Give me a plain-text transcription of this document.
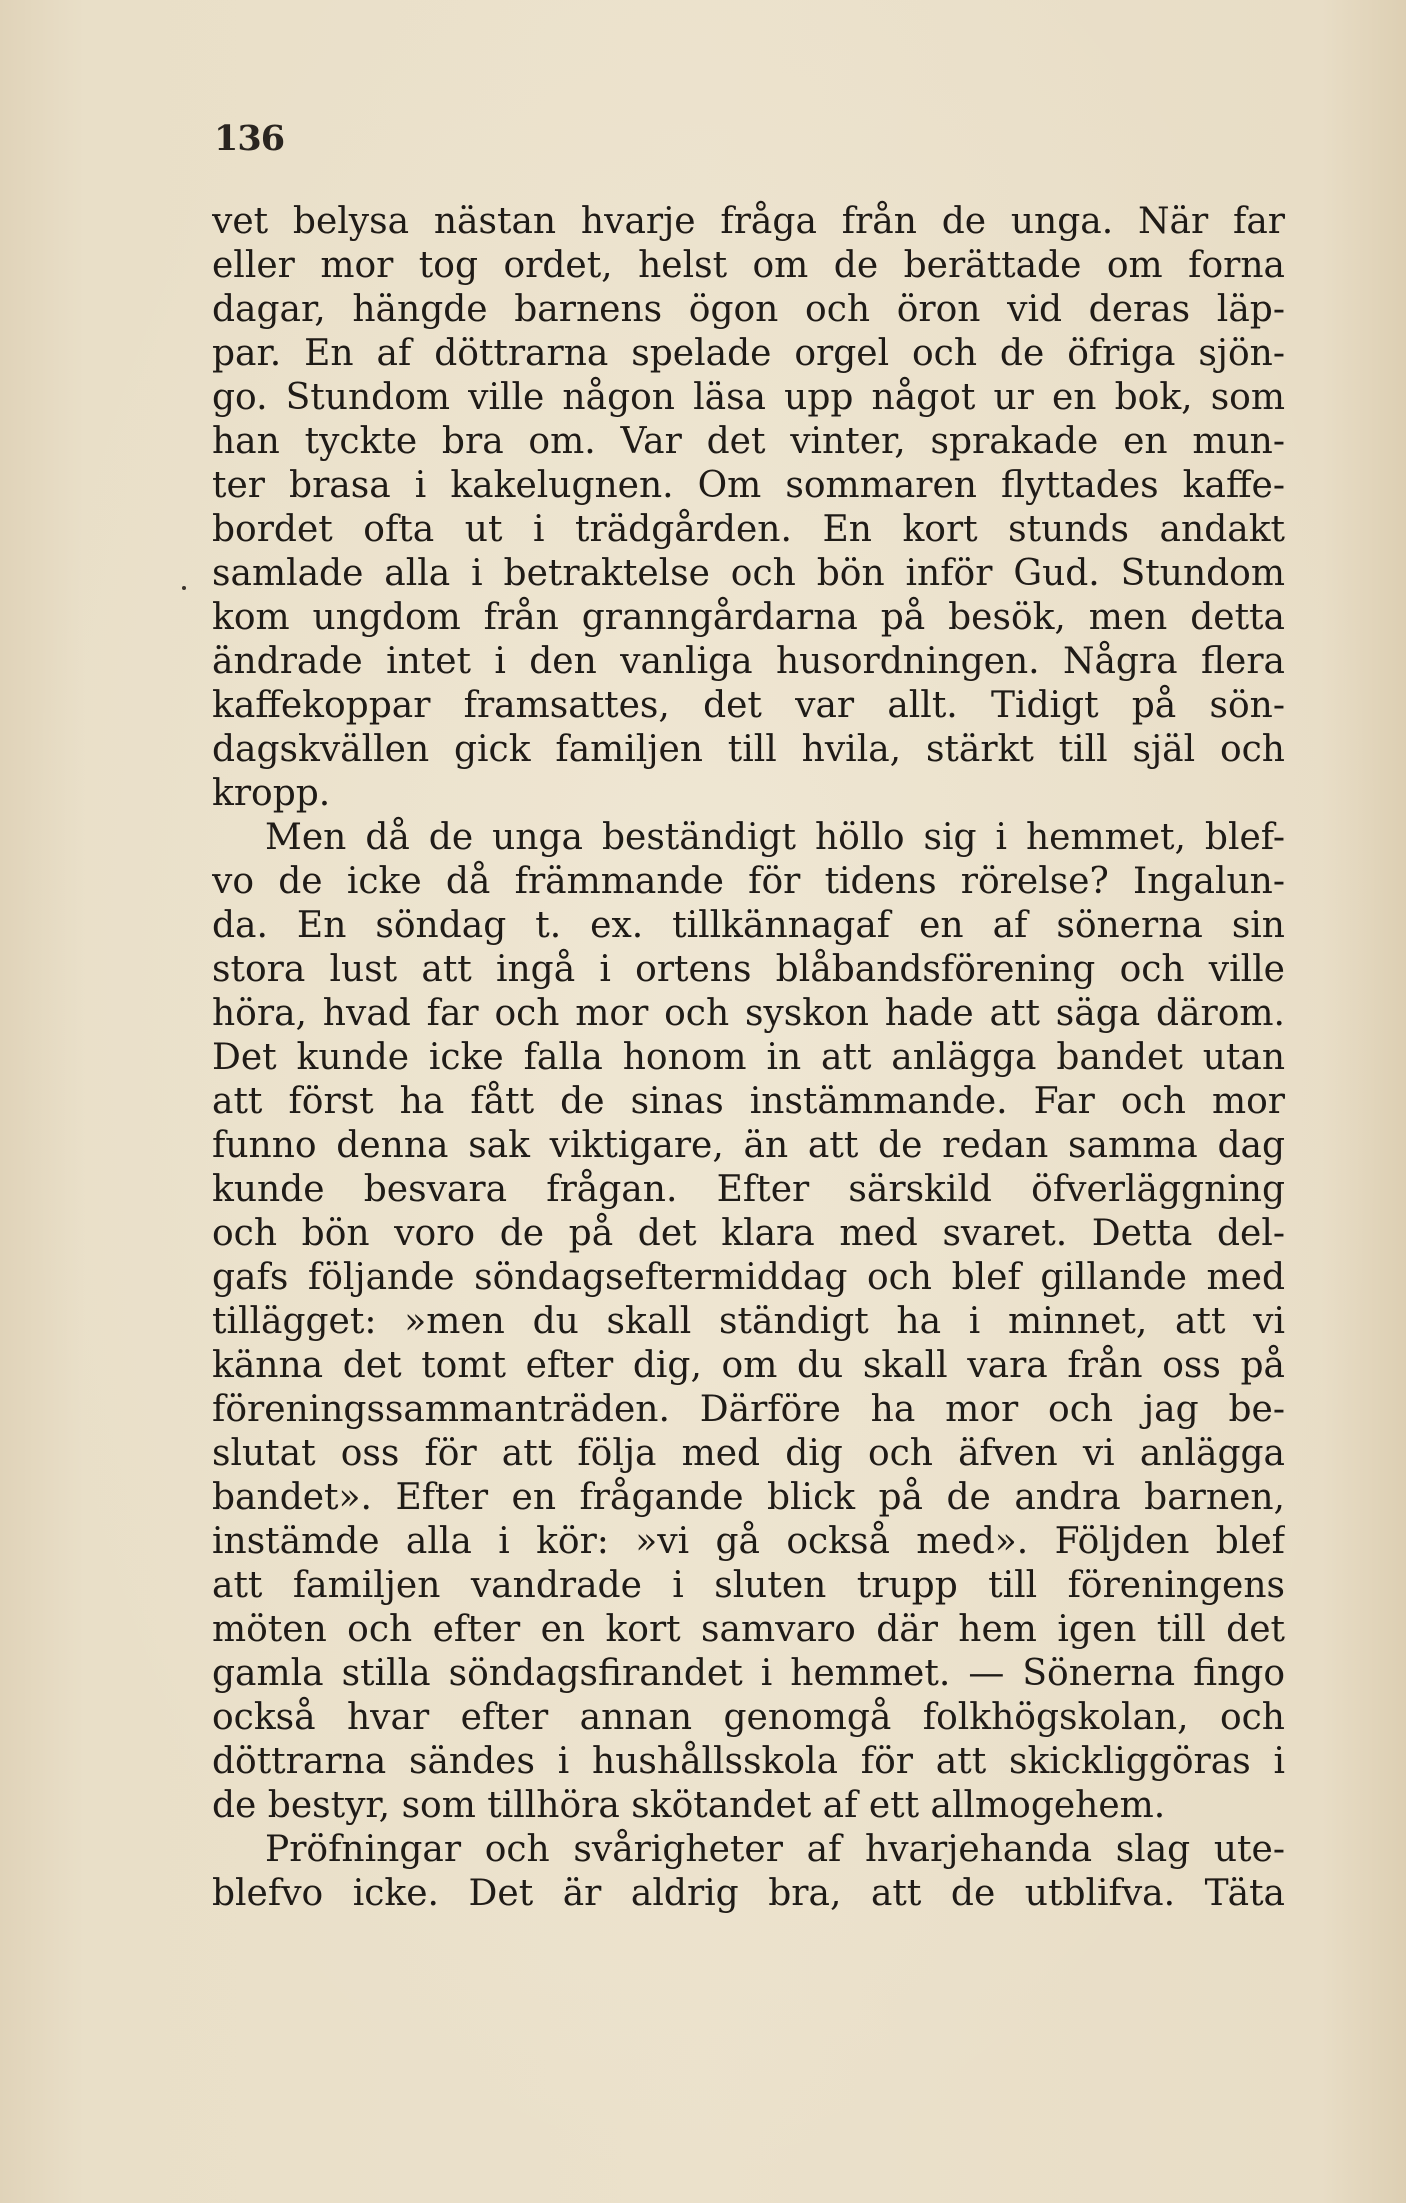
136
vet belysa nästan hvarje fråga från de unga. När far
eller mor tog ordet, helst om de berättade om forna
dagar, hängde barnens ögon och öron vid deras läp-
par. En af döttrarna spelade orgel och de öfriga sjön-
go. Stundom ville någon läsa upp något ur en bok, som
han tyckte bra om. Var det vinter, sprakade en mun-
ter brasa i kakelugnen. Om sommaren flyttades kaffe-
bordet ofta ut i trädgården. En kort stunds andakt
samlade alla i betraktelse och bön inför Gud. Stundom
kom ungdom från granngårdarna på besök, men detta
ändrade intet i den vanliga husordningen. Några flera
kaffekoppar framsattes, det var allt. Tidigt på sön-
dagskvällen gick familjen till hvila, stärkt till själ och
kropp.
Men då de unga beständigt höllo sig i hemmet, blef-
vo de icke då främmande för tidens rörelse? Ingalun-
da. En söndag t. ex. tillkännagaf en af sönerna sin
stora lust att ingå i ortens blåbandsförening och ville
höra, hvad far och mor och syskon hade att säga därom.
Det kunde icke falla honom in att anlägga bandet utan
att först ha fått de sinas instämmande. Far och mor
funno denna sak viktigare, än att de redan samma dag
kunde besvara frågan. Efter särskild öfverläggning
och bön voro de på det klara med svaret. Detta del-
gafs följande söndagseftermiddag och blef gillande med
tillägget: »men du skall ständigt ha i minnet, att vi
känna det tomt efter dig, om du skall vara från oss på
föreningssammanträden. Därföre ha mor och jag be-
slutat oss för att följa med dig och äfven vi anlägga
bandet». Efter en frågande blick på de andra barnen,
instämde alla i kör: »vi gå också med». Följden blef
att familjen vandrade i sluten trupp till föreningens
möten och efter en kort samvaro där hem igen till det
gamla stilla söndagsfirandet i hemmet. — Sönerna fingo
också hvar efter annan genomgå folkhögskolan, och
döttrarna sändes i hushållsskola för att skickliggöras i
de bestyr, som tillhöra skötandet af ett allmogehem.
Pröfningar och svårigheter af hvarjehanda slag ute-
blefvo icke. Det är aldrig bra, att de utblifva. Täta
